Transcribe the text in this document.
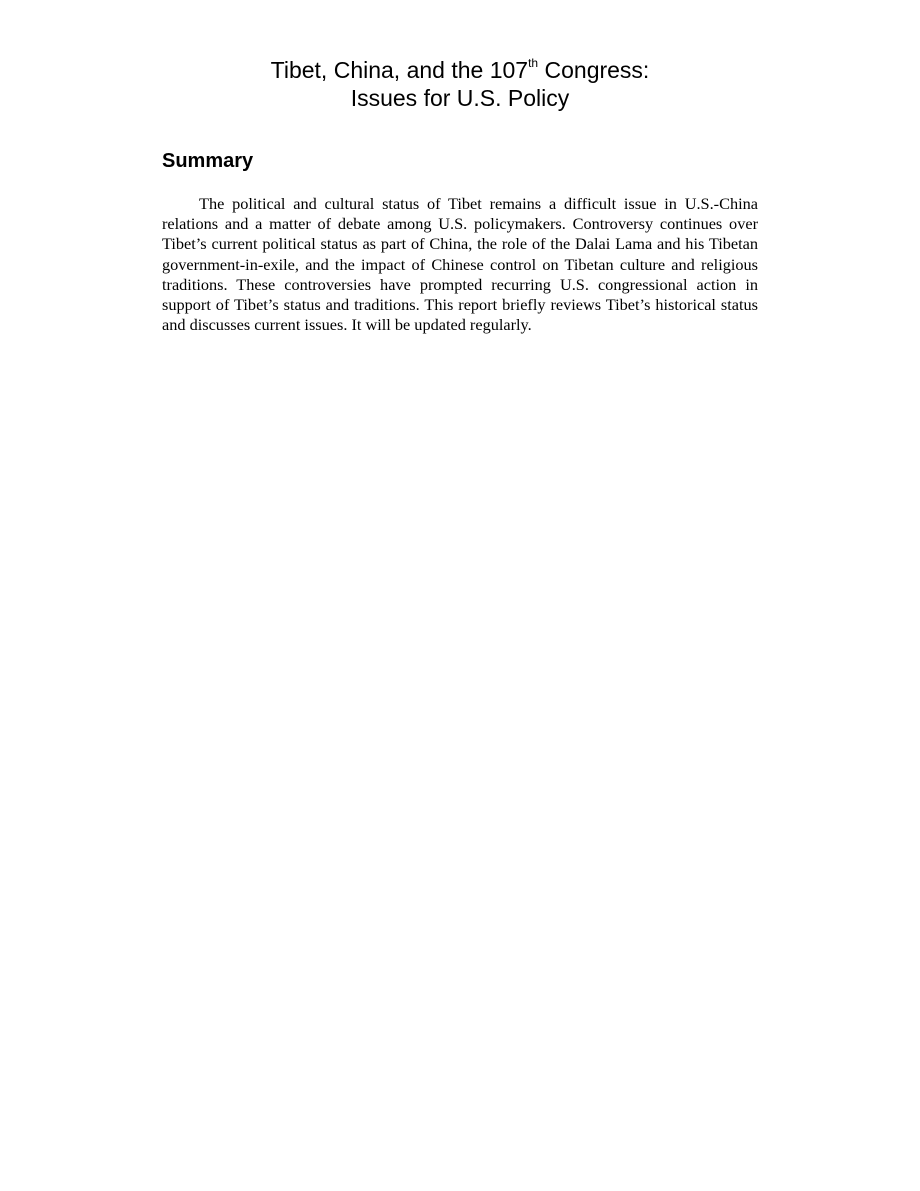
Tibet, China, and the 107th Congress:
Issues for U.S. Policy
Summary

The political and cultural status of Tibet remains a difficult issue in U.S.-China relations and a matter of debate among U.S. policymakers. Controversy continues over Tibet’s current political status as part of China, the role of the Dalai Lama and his Tibetan government-in-exile, and the impact of Chinese control on Tibetan culture and religious traditions. These controversies have prompted recurring U.S. congressional action in support of Tibet’s status and traditions. This report briefly reviews Tibet’s historical status and discusses current issues. It will be updated regularly.
